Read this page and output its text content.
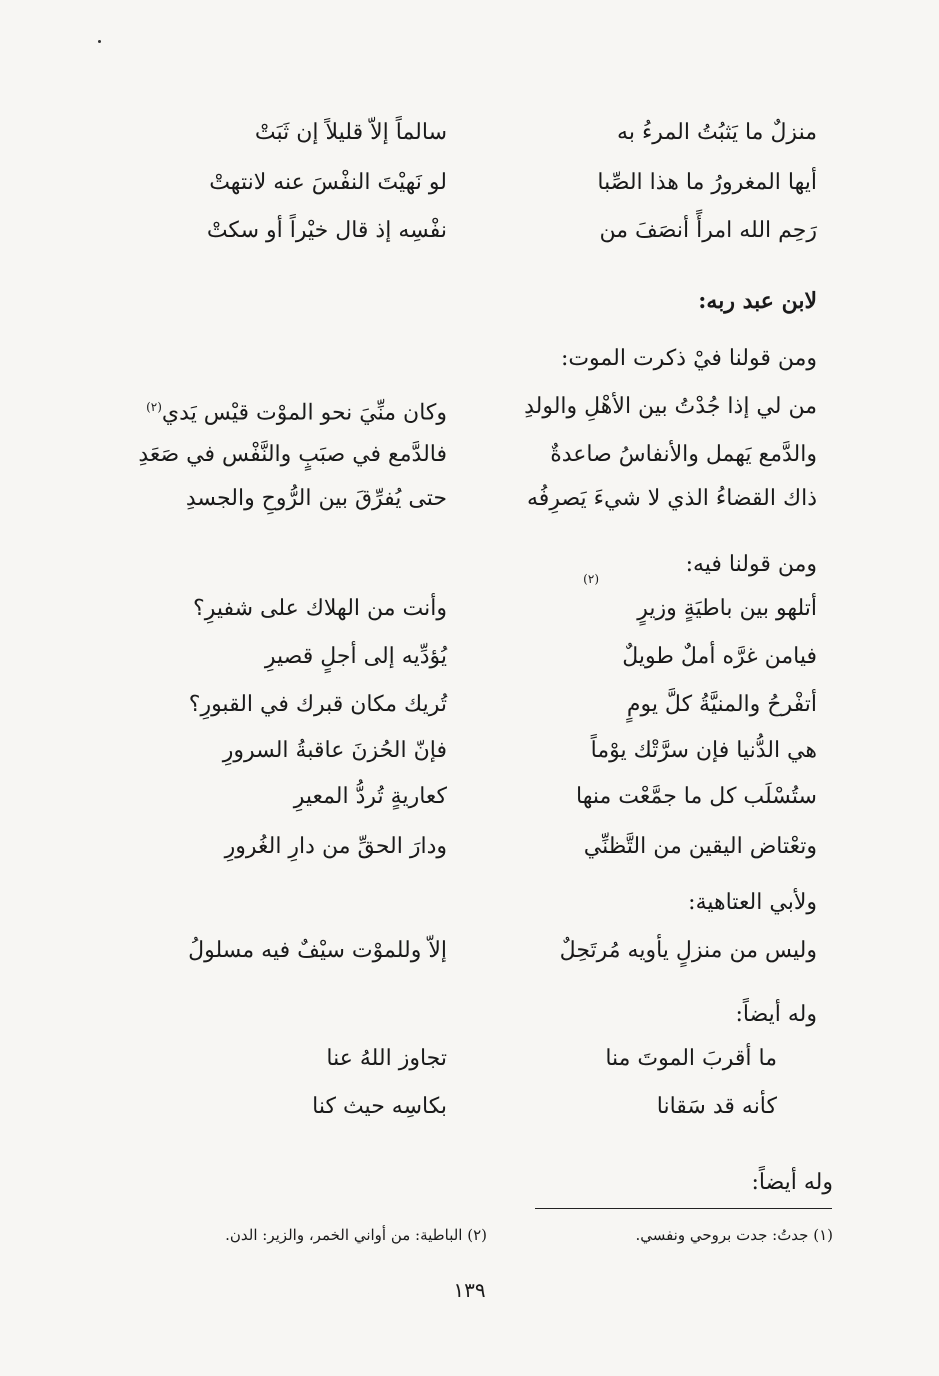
منزلٌ ما يَثبُتُ المرءُ به
سالماً إلاّ قليلاً إن ثَبَتْ
أيها المغرورُ ما هذا الصِّبا
لو نَهيْتَ النفْسَ عنه لانتهتْ
رَحِم الله امرأً أنصَفَ من
نفْسِه إذ قال خيْراً أو سكتْ
لابن عبد ربه:
ومن قولنا فيْ ذكرت الموت:
من لي إذا جُدْتُ بين الأهْلِ والولدِ
وكان منِّيَ نحو الموْت قيْس يَدي$^{(٢)}$
والدَّمع يَهمل والأنفاسُ صاعدةٌ
فالدَّمع في صبَبٍ والنَّفْس في صَعَدِ
ذاك القضاءُ الذي لا شيءَ يَصرِفُه
حتى يُفرِّقَ بين الرُّوحِ والجسدِ
ومن قولنا فيه:
(٢)
أتلهو بين باطيَةٍ وزيرٍ
وأنت من الهلاك على شفيرِ؟
فيامن غرَّه أملٌ طويلٌ
يُؤدِّيه إلى أجلٍ قصيرِ
أتفْرحُ والمنيَّةُ كلَّ يومٍ
تُريك مكان قبرك في القبورِ؟
هي الدُّنيا فإن سرَّتْك يوْماً
فإنّ الحُزنَ عاقبةُ السرورِ
ستُسْلَب كل ما جمَّعْت منها
كعاريةٍ تُردُّ المعيرِ
وتعْتاض اليقين من التَّظنِّي
ودارَ الحقِّ من دارِ الغُرورِ
ولأبي العتاهية:
وليس من منزلٍ يأويه مُرتَحِلٌ
إلاّ وللموْت سيْفٌ فيه مسلولُ
وله أيضاً:
ما أقربَ الموتَ منا
تجاوز اللهُ عنا
كأنه قد سَقانا
بكاسِه حيث كنا
وله أيضاً:
(١) جدتُ: جدت بروحي ونفسي.
(٢) الباطية: من أواني الخمر، والزير: الدن.
١٣٩
